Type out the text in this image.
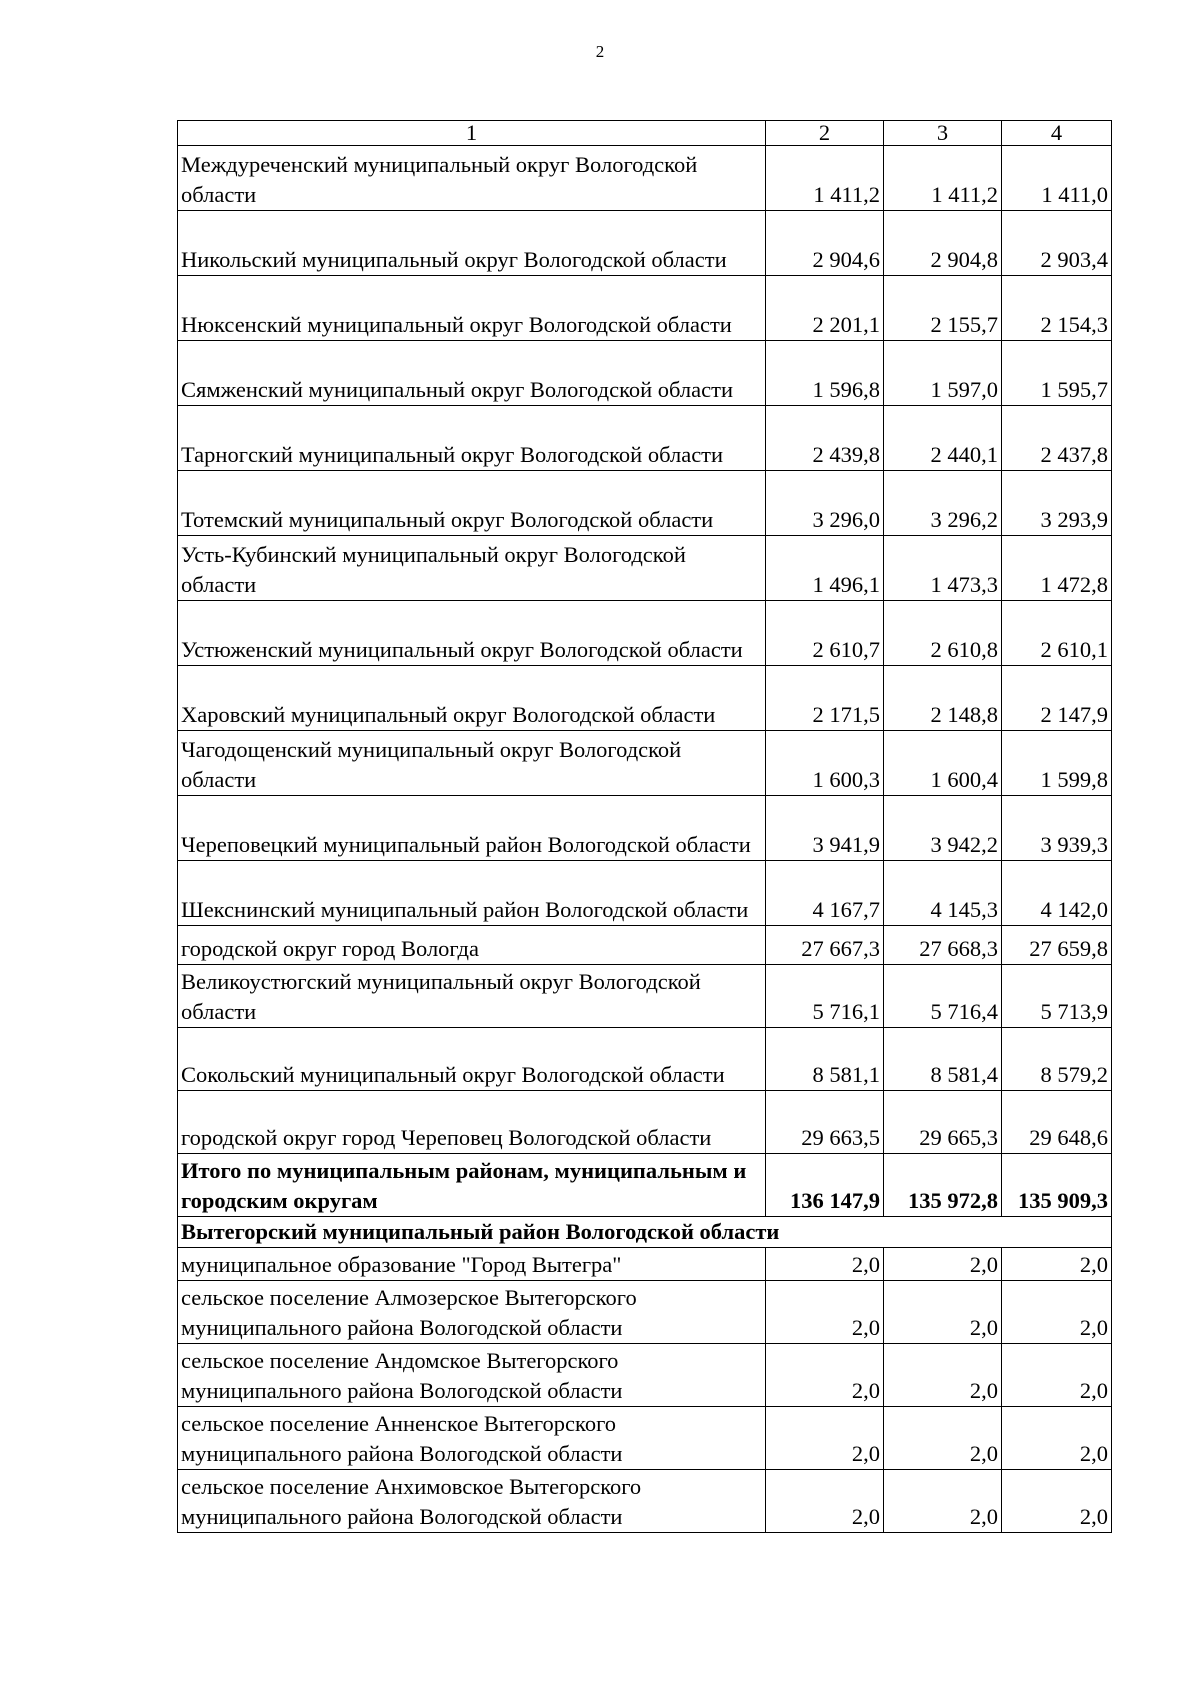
2
1	2	3	4
Междуреченский муниципальный округ Вологодской области	1 411,2	1 411,2	1 411,0
Никольский муниципальный округ Вологодской области	2 904,6	2 904,8	2 903,4
Нюксенский муниципальный округ Вологодской области	2 201,1	2 155,7	2 154,3
Сямженский муниципальный округ Вологодской области	1 596,8	1 597,0	1 595,7
Тарногский муниципальный округ Вологодской области	2 439,8	2 440,1	2 437,8
Тотемский муниципальный округ Вологодской области	3 296,0	3 296,2	3 293,9
Усть-Кубинский муниципальный округ Вологодской области	1 496,1	1 473,3	1 472,8
Устюженский муниципальный округ Вологодской области	2 610,7	2 610,8	2 610,1
Харовский муниципальный округ Вологодской области	2 171,5	2 148,8	2 147,9
Чагодощенский муниципальный округ Вологодской области	1 600,3	1 600,4	1 599,8
Череповецкий муниципальный район Вологодской области	3 941,9	3 942,2	3 939,3
Шекснинский муниципальный район Вологодской области	4 167,7	4 145,3	4 142,0
городской округ город Вологда	27 667,3	27 668,3	27 659,8
Великоустюгский муниципальный округ Вологодской области	5 716,1	5 716,4	5 713,9
Сокольский муниципальный округ Вологодской области	8 581,1	8 581,4	8 579,2
городской округ город Череповец Вологодской области	29 663,5	29 665,3	29 648,6
Итого по муниципальным районам, муниципальным и городским округам	136 147,9	135 972,8	135 909,3
Вытегорский муниципальный район Вологодской области			
муниципальное образование "Город Вытегра"	2,0	2,0	2,0
сельское поселение Алмозерское Вытегорского муниципального района Вологодской области	2,0	2,0	2,0
сельское поселение Андомское Вытегорского муниципального района Вологодской области	2,0	2,0	2,0
сельское поселение Анненское Вытегорского муниципального района Вологодской области	2,0	2,0	2,0
сельское поселение Анхимовское Вытегорского муниципального района Вологодской области	2,0	2,0	2,0
